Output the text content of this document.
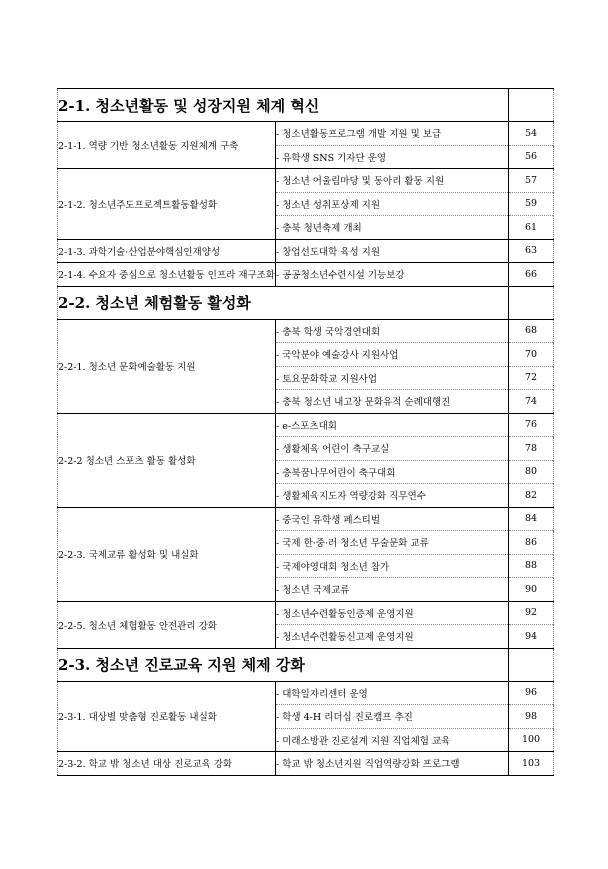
2-1. 청소년활동 및 성장지원 체계 혁신		
2-1-1. 역량 기반 청소년활동 지원체계 구축	- 청소년활동프로그램 개발 지원 및 보급	54
	- 유학생 SNS 기자단 운영	56
2-1-2. 청소년주도프로젝트활동활성화	- 청소년 어울림마당 및 동아리 활동 지원	57
	- 청소년 성취포상제 지원	59
	- 충북 청년축제 개최	61
2-1-3. 과학기술·산업분야핵심인재양성	- 창업선도대학 육성 지원	63
2-1-4. 수요자 중심으로 청소년활동 인프라 재구조화	- 공공청소년수련시설 기능보강	66
2-2. 청소년 체험활동 활성화		
2-2-1. 청소년 문화예술활동 지원	- 충북 학생 국악경연대회	68
	- 국악분야 예술강사 지원사업	70
	- 토요문화학교 지원사업	72
	- 충북 청소년 내고장 문화유적 순례대행진	74
2-2-2 청소년 스포츠 활동 활성화	- e-스포츠대회	76
	- 생활체육 어린이 축구교실	78
	- 충북꿈나무어린이 축구대회	80
	- 생활체육지도자 역량강화 직무연수	82
2-2-3. 국제교류 활성화 및 내실화	- 중국인 유학생 페스티벌	84
	- 국제 한·중·러 청소년 무술문화 교류	86
	- 국제야영대회 청소년 참가	88
	- 청소년 국제교류	90
2-2-5. 청소년 체험활동 안전관리 강화	- 청소년수련활동인증제 운영지원	92
	- 청소년수련활동신고제 운영지원	94
2-3. 청소년 진로교육 지원 체제 강화		
2-3-1. 대상별 맞춤형 진로활동 내실화	- 대학일자리센터 운영	96
	- 학생 4-H 리더십 진로캠프 추진	98
	- 미래소방관 진로설계 지원 직업체험 교육	100
2-3-2. 학교 밖 청소년 대상 진로교육 강화	- 학교 밖 청소년지원 직업역량강화 프로그램	103
